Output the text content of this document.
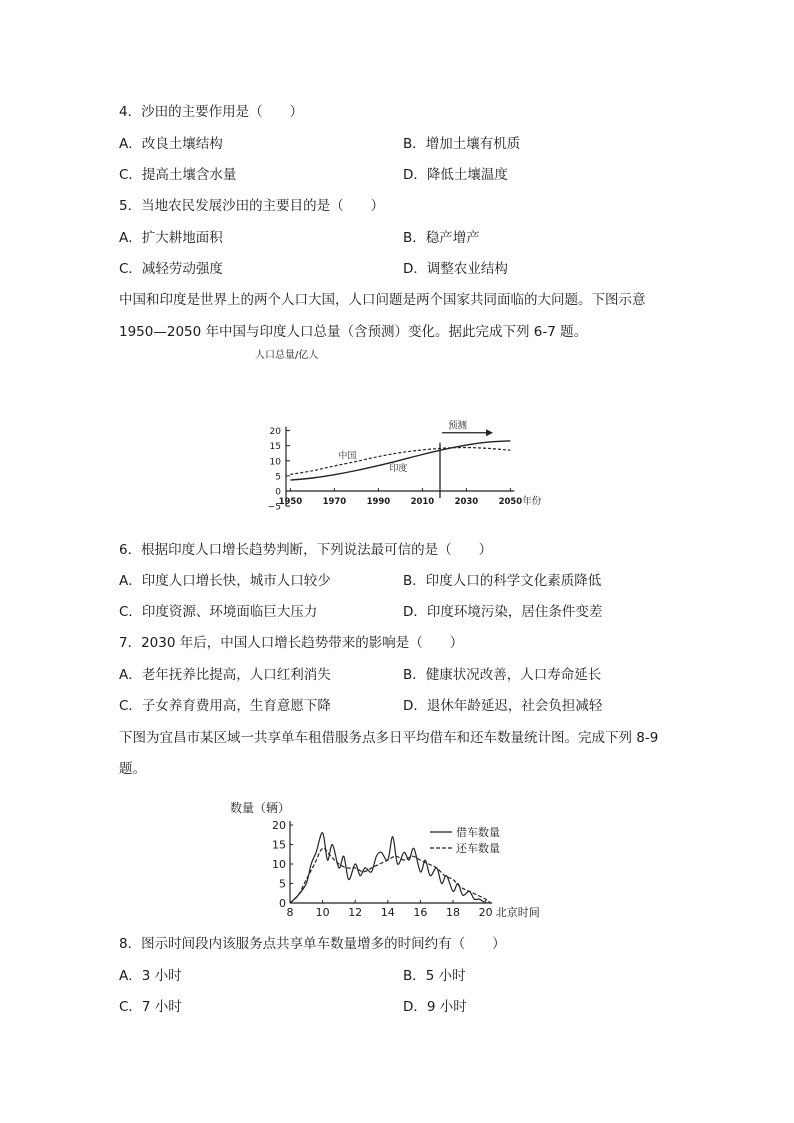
4．沙田的主要作用是（　　）
A．改良土壤结构	B．增加土壤有机质
C．提高土壤含水量	D．降低土壤温度
5．当地农民发展沙田的主要目的是（　　）
A．扩大耕地面积	B．稳产增产
C．减轻劳动强度	D．调整农业结构
中国和印度是世界上的两个人口大国，人口问题是两个国家共同面临的大问题。下图示意
1950—2050 年中国与印度人口总量（含预测）变化。据此完成下列 6-7 题。
人口总量/亿人
20
15
10
5
0
−5
1950 1970 1990 2010 2030 2050 年份
预测
中国
印度
6．根据印度人口增长趋势判断，下列说法最可信的是（　　）
A．印度人口增长快，城市人口较少	B．印度人口的科学文化素质降低
C．印度资源、环境面临巨大压力	D．印度环境污染，居住条件变差
7．2030 年后，中国人口增长趋势带来的影响是（　　）
A．老年抚养比提高，人口红利消失	B．健康状况改善，人口寿命延长
C．子女养育费用高，生育意愿下降	D．退休年龄延迟，社会负担减轻
下图为宜昌市某区域一共享单车租借服务点多日平均借车和还车数量统计图。完成下列 8-9
题。
数量（辆）
20
15
10
5
0
8 10 12 14 16 18 20 北京时间
借车数量
还车数量
8．图示时间段内该服务点共享单车数量增多的时间约有（　　）
A．3 小时	B．5 小时
C．7 小时	D．9 小时
